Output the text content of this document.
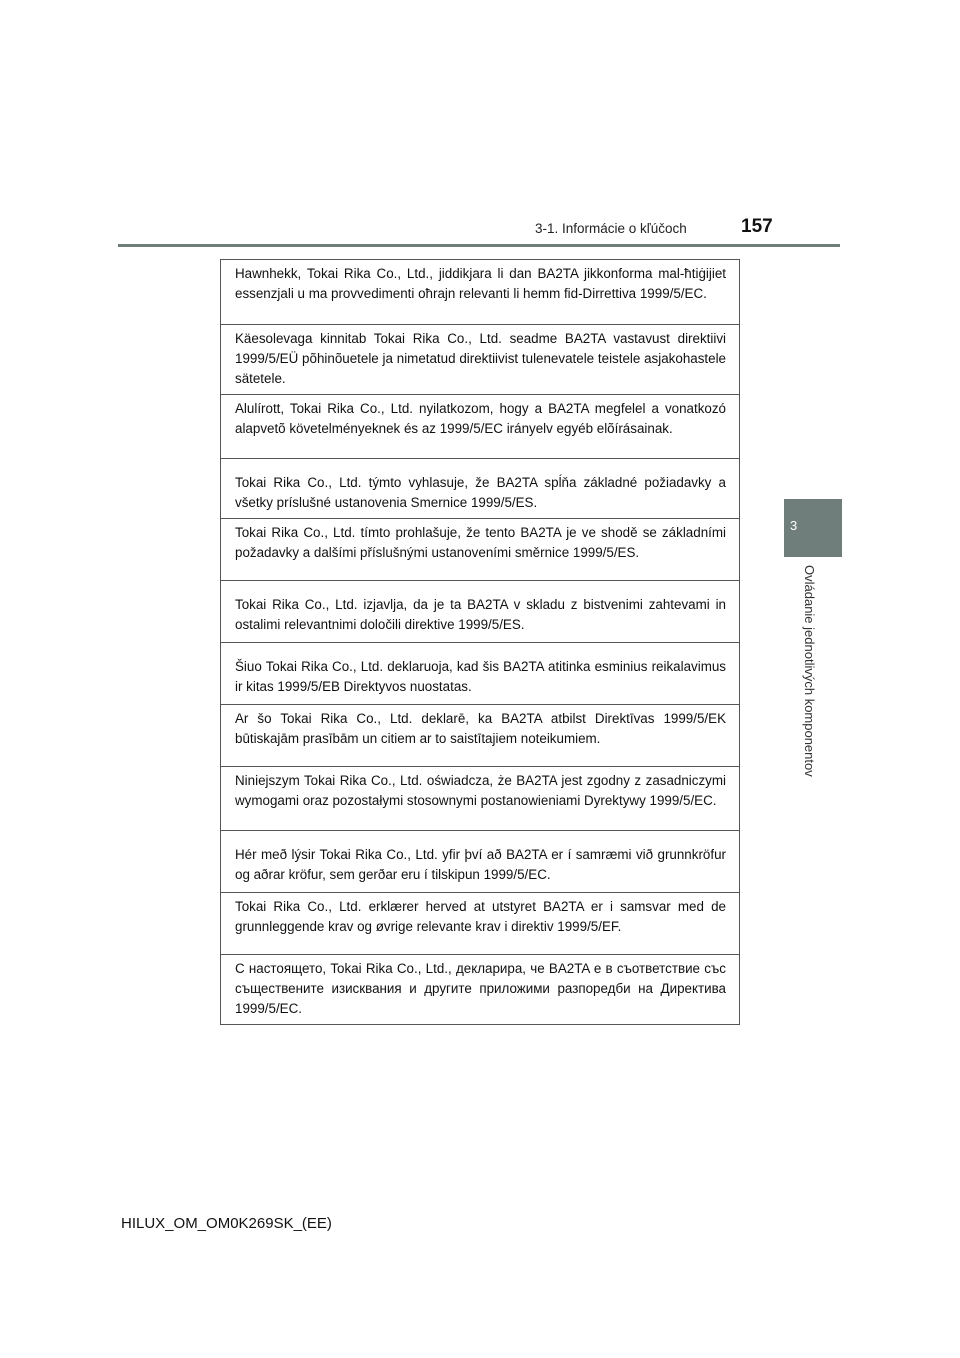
3-1. Informácie o kľúčoch	157
3
Ovládanie jednotlivých komponentov
Hawnhekk, Tokai Rika Co., Ltd., jiddikjara li dan BA2TA jikkonforma mal-ħtiġijiet essenzjali u ma provvedimenti oħrajn relevanti li hemm fid-Dirrettiva 1999/5/EC.
Käesolevaga kinnitab Tokai Rika Co., Ltd. seadme BA2TA vastavust direktiivi 1999/5/EÜ põhinõuetele ja nimetatud direktiivist tulenevatele teistele asjakohastele sätetele.
Alulírott, Tokai Rika Co., Ltd. nyilatkozom, hogy a BA2TA megfelel a vonatkozó alapvetõ követelményeknek és az 1999/5/EC irányelv egyéb elõírásainak.
Tokai Rika Co., Ltd. týmto vyhlasuje, že BA2TA spĺňa základné požiadavky a všetky príslušné ustanovenia Smernice 1999/5/ES.
Tokai Rika Co., Ltd. tímto prohlašuje, že tento BA2TA je ve shodě se základními požadavky a dalšími příslušnými ustanoveními směrnice 1999/5/ES.
Tokai Rika Co., Ltd. izjavlja, da je ta BA2TA v skladu z bistvenimi zahtevami in ostalimi relevantnimi določili direktive 1999/5/ES.
Šiuo Tokai Rika Co., Ltd. deklaruoja, kad šis BA2TA atitinka esminius reikalavimus ir kitas 1999/5/EB Direktyvos nuostatas.
Ar šo Tokai Rika Co., Ltd. deklarē, ka BA2TA atbilst Direktīvas 1999/5/EK būtiskajām prasībām un citiem ar to saistītajiem noteikumiem.
Niniejszym Tokai Rika Co., Ltd. oświadcza, że BA2TA jest zgodny z zasadniczymi wymogami oraz pozostałymi stosownymi postanowieniami Dyrektywy 1999/5/EC.
Hér með lýsir Tokai Rika Co., Ltd. yfir því að BA2TA er í samræmi við grunnkröfur og aðrar kröfur, sem gerðar eru í tilskipun 1999/5/EC.
Tokai Rika Co., Ltd. erklærer herved at utstyret BA2TA er i samsvar med de grunnleggende krav og øvrige relevante krav i direktiv 1999/5/EF.
С настоящето, Tokai Rika Co., Ltd., декларира, че BA2TA е в съответствие със съществените изисквания и другите приложими разпоредби на Директива 1999/5/EC.
HILUX_OM_OM0K269SK_(EE)
